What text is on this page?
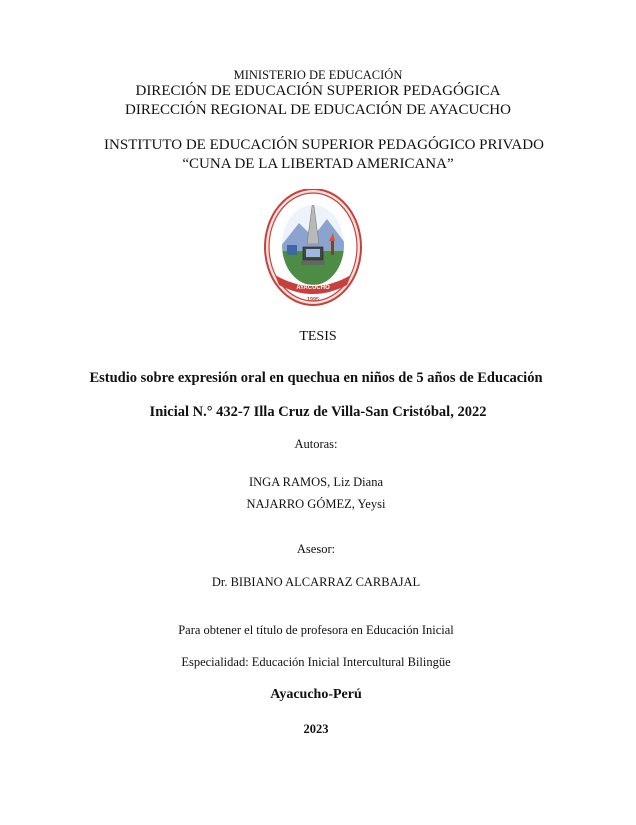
MINISTERIO DE EDUCACIÓN
DIRECIÓN DE EDUCACIÓN SUPERIOR PEDAGÓGICA
DIRECCIÓN REGIONAL DE EDUCACIÓN DE AYACUCHO
INSTITUTO DE EDUCACIÓN SUPERIOR PEDAGÓGICO PRIVADO
“CUNA DE LA LIBERTAD AMERICANA”
AYACUCHO
1995
TESIS
Estudio sobre expresión oral en quechua en niños de 5 años de Educación
Inicial N.° 432-7 Illa Cruz de Villa-San Cristóbal, 2022
Autoras:
INGA RAMOS, Liz Diana
NAJARRO GÓMEZ, Yeysi
Asesor:
Dr. BIBIANO ALCARRAZ CARBAJAL
Para obtener el título de profesora en Educación Inicial
Especialidad: Educación Inicial Intercultural Bilingüe
Ayacucho-Perú
2023
